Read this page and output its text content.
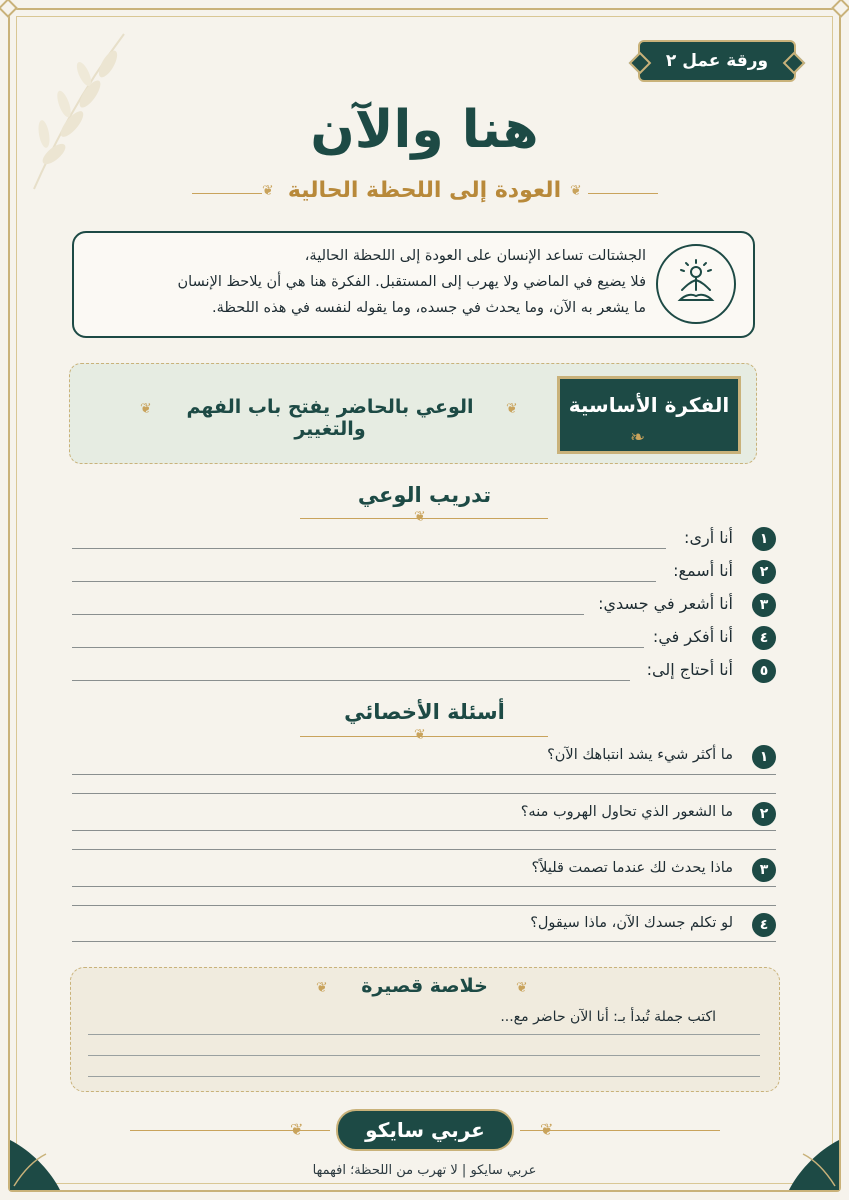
ورقة عمل ٢
هنا والآن
❦	❦
العودة إلى اللحظة الحالية
الجشتالت تساعد الإنسان على العودة إلى اللحظة الحالية،
فلا يضيع في الماضي ولا يهرب إلى المستقبل. الفكرة هنا هي أن يلاحظ الإنسان
ما يشعر به الآن، وما يحدث في جسده، وما يقوله لنفسه في هذه اللحظة.
الفكرة الأساسية
❧
❦
❦	الوعي بالحاضر يفتح باب الفهم والتغيير
تدريب الوعي
❦
١
أنا أرى:
٢
أنا أسمع:
٣
أنا أشعر في جسدي:
٤
أنا أفكر في:
٥
أنا أحتاج إلى:
أسئلة الأخصائي
❦
١
ما أكثر شيء يشد انتباهك الآن؟
٢
ما الشعور الذي تحاول الهروب منه؟
٣
ماذا يحدث لك عندما تصمت قليلاً؟
٤
لو تكلم جسدك الآن، ماذا سيقول؟
❦	❦
خلاصة قصيرة
اكتب جملة تُبدأ بـ: أنا الآن حاضر مع...
❦	❦
عربي سايكو
عربي سايكو | لا تهرب من اللحظة؛ افهمها
